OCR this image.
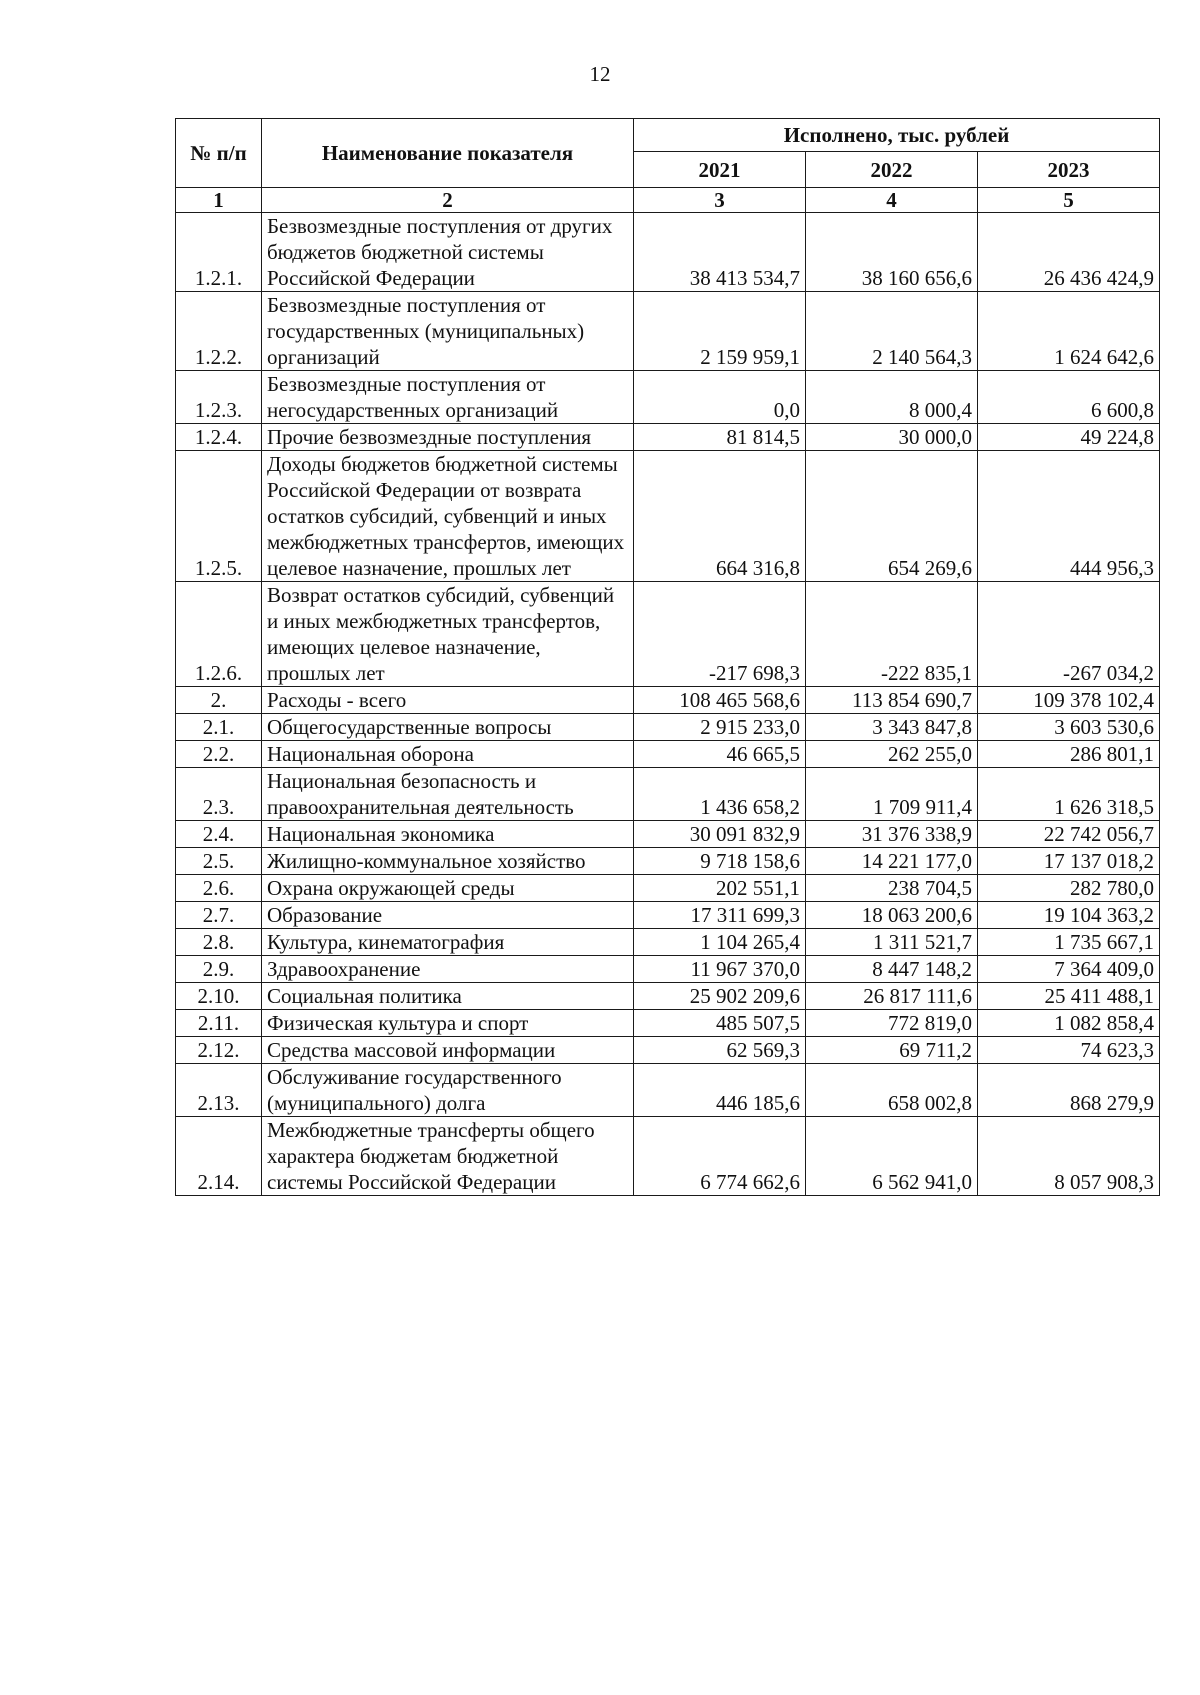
12
№ п/п	Наименование показателя	Исполнено, тыс. рублей		
		2021	2022	2023
1	2	3	4	5
1.2.1.	Безвозмездные поступления от других бюджетов бюджетной системы Российской Федерации	38 413 534,7	38 160 656,6	26 436 424,9
1.2.2.	Безвозмездные поступления от государственных (муниципальных) организаций	2 159 959,1	2 140 564,3	1 624 642,6
1.2.3.	Безвозмездные поступления от негосударственных организаций	0,0	8 000,4	6 600,8
1.2.4.	Прочие безвозмездные поступления	81 814,5	30 000,0	49 224,8
1.2.5.	Доходы бюджетов бюджетной системы Российской Федерации от возврата остатков субсидий, субвенций и иных межбюджетных трансфертов, имеющих целевое назначение, прошлых лет	664 316,8	654 269,6	444 956,3
1.2.6.	Возврат остатков субсидий, субвенций и иных межбюджетных трансфертов, имеющих целевое назначение, прошлых лет	-217 698,3	-222 835,1	-267 034,2
2.	Расходы - всего	108 465 568,6	113 854 690,7	109 378 102,4
2.1.	Общегосударственные вопросы	2 915 233,0	3 343 847,8	3 603 530,6
2.2.	Национальная оборона	46 665,5	262 255,0	286 801,1
2.3.	Национальная безопасность и правоохранительная деятельность	1 436 658,2	1 709 911,4	1 626 318,5
2.4.	Национальная экономика	30 091 832,9	31 376 338,9	22 742 056,7
2.5.	Жилищно-коммунальное хозяйство	9 718 158,6	14 221 177,0	17 137 018,2
2.6.	Охрана окружающей среды	202 551,1	238 704,5	282 780,0
2.7.	Образование	17 311 699,3	18 063 200,6	19 104 363,2
2.8.	Культура, кинематография	1 104 265,4	1 311 521,7	1 735 667,1
2.9.	Здравоохранение	11 967 370,0	8 447 148,2	7 364 409,0
2.10.	Социальная политика	25 902 209,6	26 817 111,6	25 411 488,1
2.11.	Физическая культура и спорт	485 507,5	772 819,0	1 082 858,4
2.12.	Средства массовой информации	62 569,3	69 711,2	74 623,3
2.13.	Обслуживание государственного (муниципального) долга	446 185,6	658 002,8	868 279,9
2.14.	Межбюджетные трансферты общего характера бюджетам бюджетной системы Российской Федерации	6 774 662,6	6 562 941,0	8 057 908,3
